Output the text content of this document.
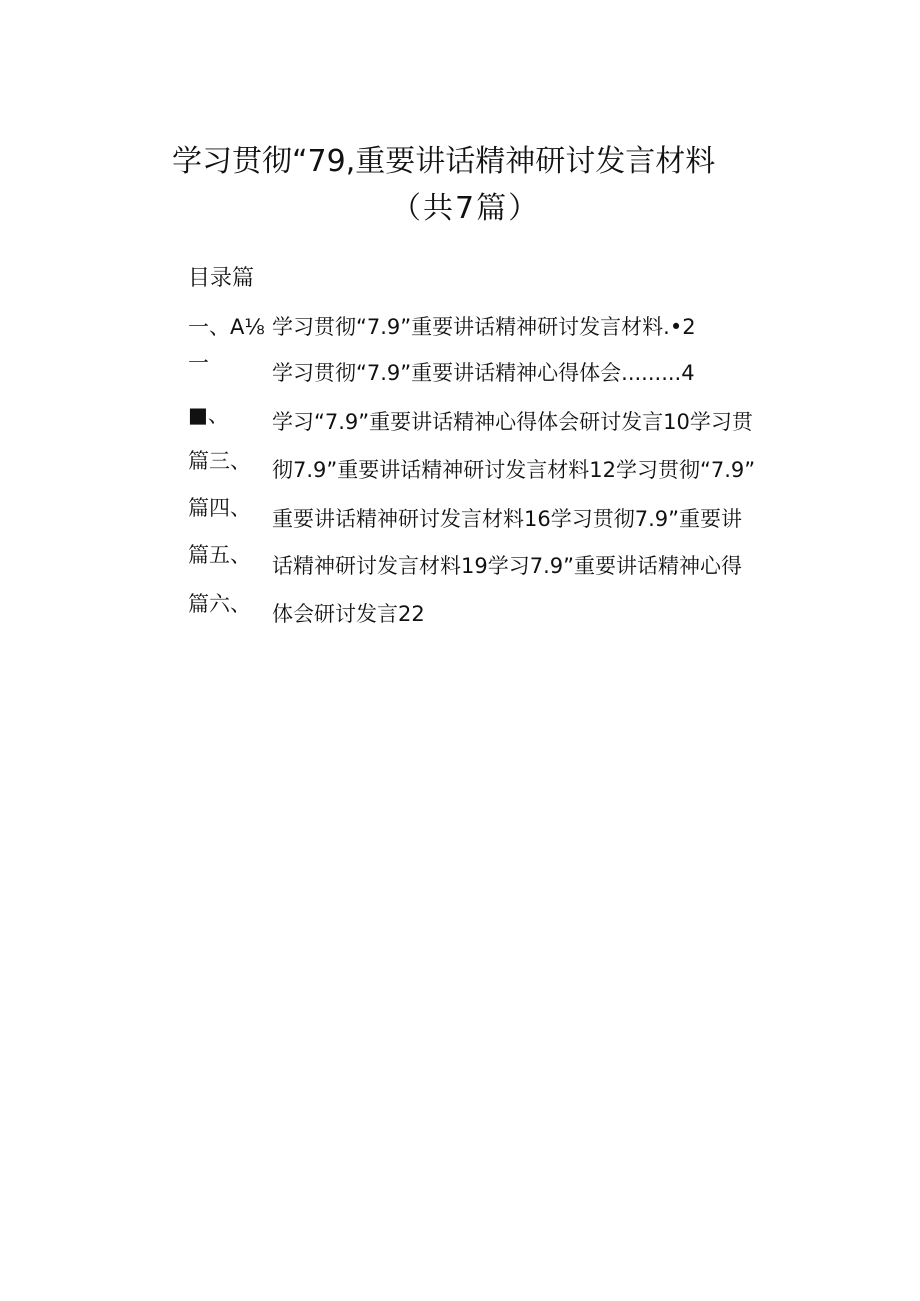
学习贯彻“79,重要讲话精神研讨发言材料
（共7篇）
目录篇
一、A⅛
一
■、
篇三、
篇四、
篇五、
篇六、
学习贯彻“7.9”重要讲话精神研讨发言材料.•2
学习贯彻“7.9”重要讲话精神心得体会.........4
学习“7.9”重要讲话精神心得体会研讨发言10学习贯
彻7.9”重要讲话精神研讨发言材料12学习贯彻“7.9”
重要讲话精神研讨发言材料16学习贯彻7.9”重要讲
话精神研讨发言材料19学习7.9”重要讲话精神心得
体会研讨发言22
